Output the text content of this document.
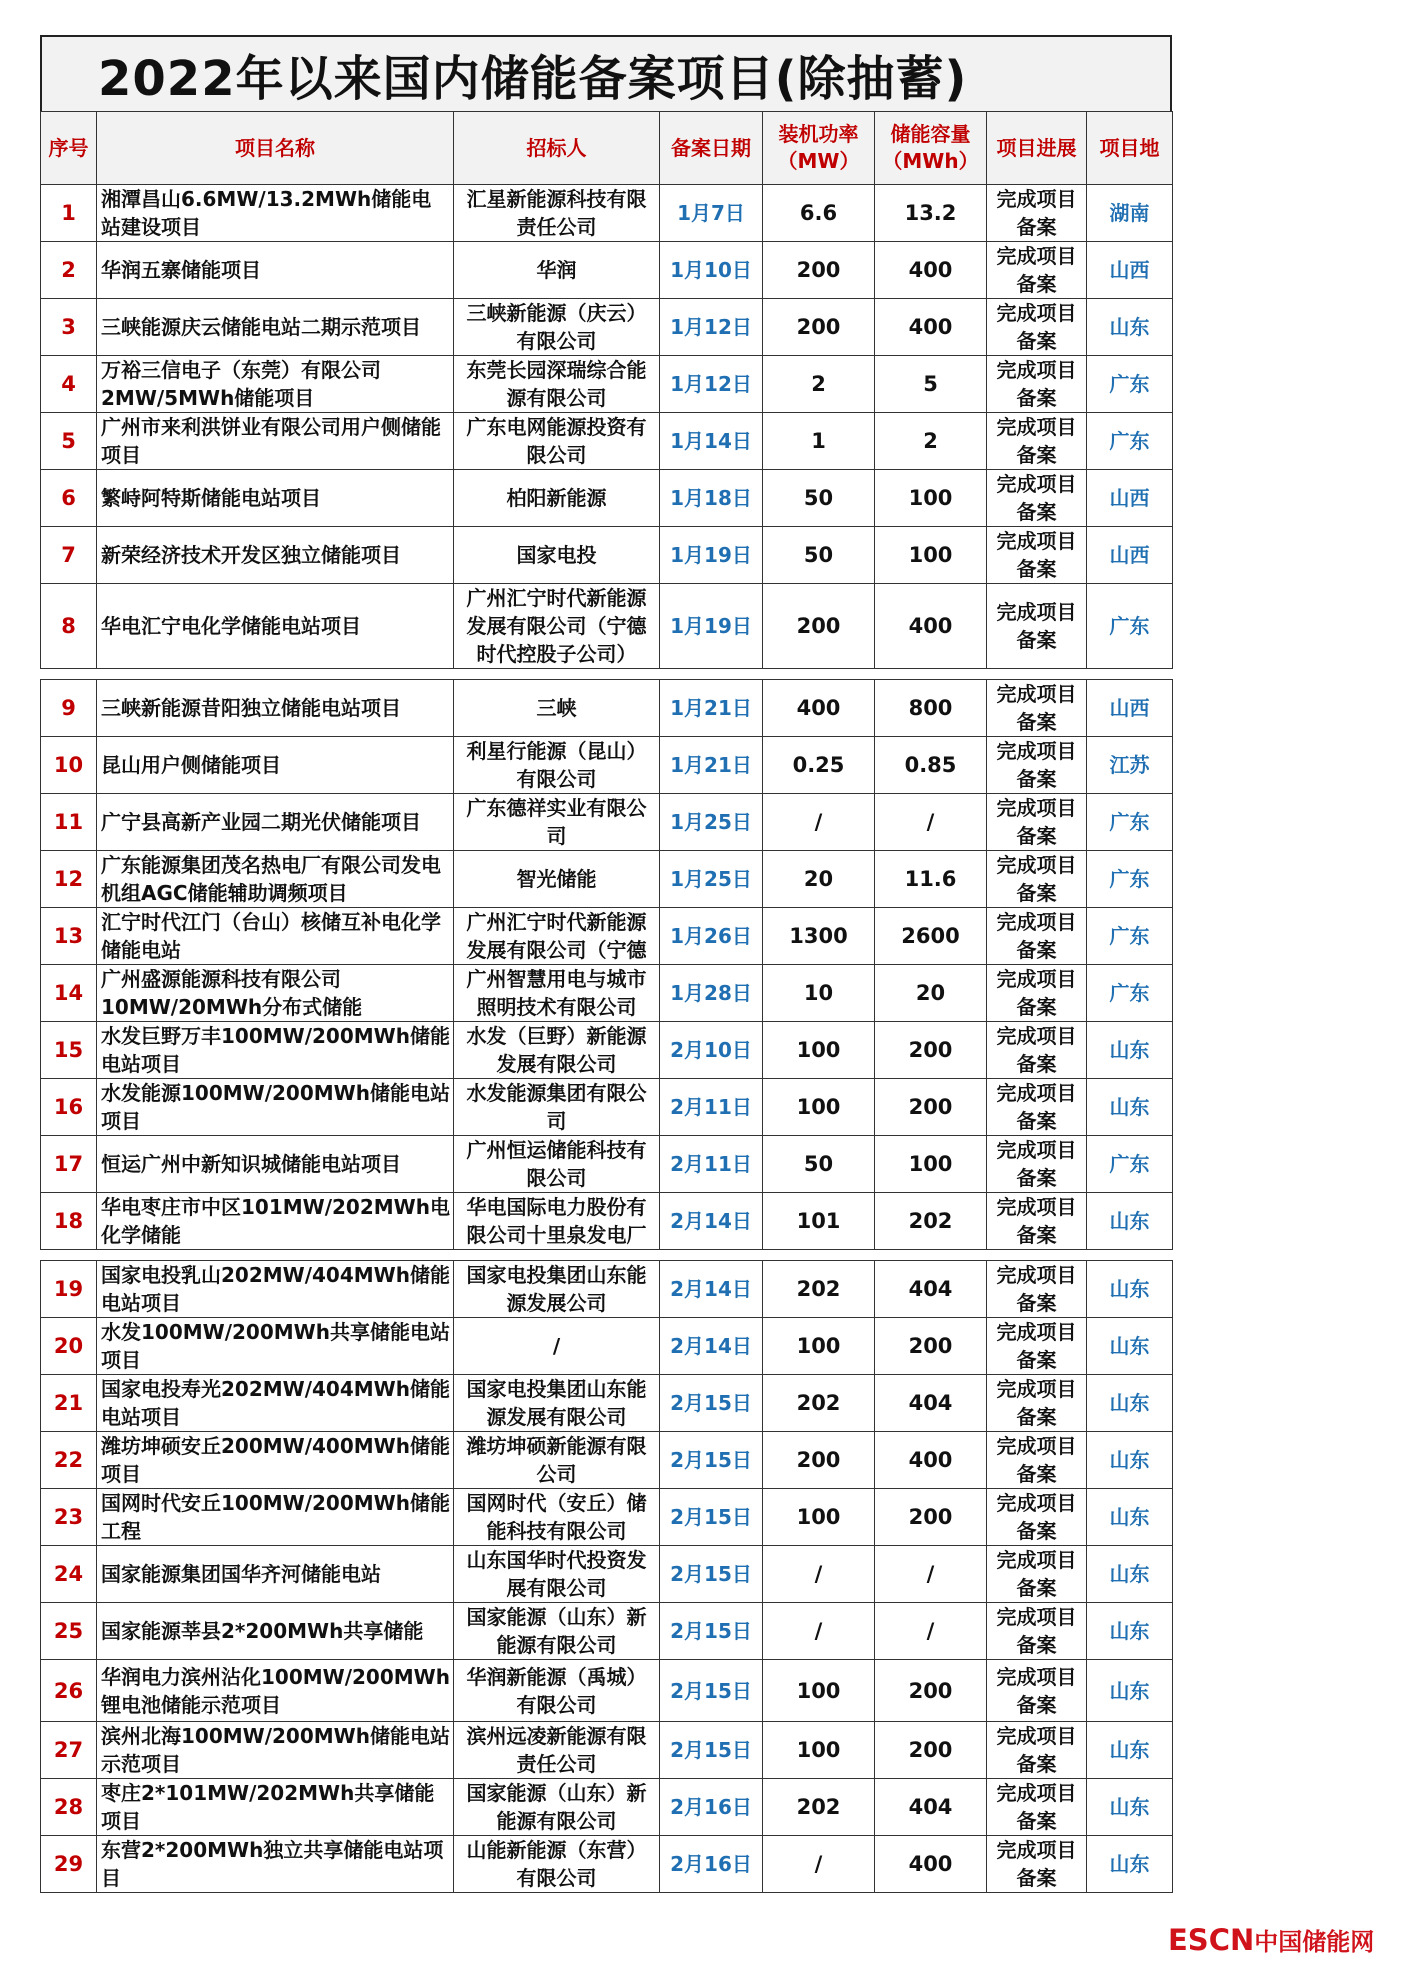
2022年以来国内储能备案项目(除抽蓄)
序号	项目名称	招标人	备案日期	装机功率（MW）	储能容量（MWh）	项目进展	项目地
1	湘潭昌山6.6MW/13.2MWh储能电站建设项目	汇星新能源科技有限责任公司	1月7日	6.6	13.2	完成项目备案	湖南
2	华润五寨储能项目	华润	1月10日	200	400	完成项目备案	山西
3	三峡能源庆云储能电站二期示范项目	三峡新能源（庆云）有限公司	1月12日	200	400	完成项目备案	山东
4	万裕三信电子（东莞）有限公司2MW/5MWh储能项目	东莞长园深瑞综合能源有限公司	1月12日	2	5	完成项目备案	广东
5	广州市来利洪饼业有限公司用户侧储能项目	广东电网能源投资有限公司	1月14日	1	2	完成项目备案	广东
6	繁峙阿特斯储能电站项目	柏阳新能源	1月18日	50	100	完成项目备案	山西
7	新荣经济技术开发区独立储能项目	国家电投	1月19日	50	100	完成项目备案	山西
8	华电汇宁电化学储能电站项目	广州汇宁时代新能源发展有限公司（宁德时代控股子公司）	1月19日	200	400	完成项目备案	广东

9	三峡新能源昔阳独立储能电站项目	三峡	1月21日	400	800	完成项目备案	山西
10	昆山用户侧储能项目	利星行能源（昆山）有限公司	1月21日	0.25	0.85	完成项目备案	江苏
11	广宁县高新产业园二期光伏储能项目	广东德祥实业有限公司	1月25日	/	/	完成项目备案	广东
12	广东能源集团茂名热电厂有限公司发电机组AGC储能辅助调频项目	智光储能	1月25日	20	11.6	完成项目备案	广东
13	汇宁时代江门（台山）核储互补电化学储能电站	广州汇宁时代新能源发展有限公司（宁德	1月26日	1300	2600	完成项目备案	广东
14	广州盛源能源科技有限公司10MW/20MWh分布式储能	广州智慧用电与城市照明技术有限公司	1月28日	10	20	完成项目备案	广东
15	水发巨野万丰100MW/200MWh储能电站项目	水发（巨野）新能源发展有限公司	2月10日	100	200	完成项目备案	山东
16	水发能源100MW/200MWh储能电站项目	水发能源集团有限公司	2月11日	100	200	完成项目备案	山东
17	恒运广州中新知识城储能电站项目	广州恒运储能科技有限公司	2月11日	50	100	完成项目备案	广东
18	华电枣庄市中区101MW/202MWh电化学储能	华电国际电力股份有限公司十里泉发电厂	2月14日	101	202	完成项目备案	山东

19	国家电投乳山202MW/404MWh储能电站项目	国家电投集团山东能源发展公司	2月14日	202	404	完成项目备案	山东
20	水发100MW/200MWh共享储能电站项目	/	2月14日	100	200	完成项目备案	山东
21	国家电投寿光202MW/404MWh储能电站项目	国家电投集团山东能源发展有限公司	2月15日	202	404	完成项目备案	山东
22	潍坊坤硕安丘200MW/400MWh储能项目	潍坊坤硕新能源有限公司	2月15日	200	400	完成项目备案	山东
23	国网时代安丘100MW/200MWh储能工程	国网时代（安丘）储能科技有限公司	2月15日	100	200	完成项目备案	山东
24	国家能源集团国华齐河储能电站	山东国华时代投资发展有限公司	2月15日	/	/	完成项目备案	山东
25	国家能源莘县2*200MWh共享储能	国家能源（山东）新能源有限公司	2月15日	/	/	完成项目备案	山东
26	华润电力滨州沾化100MW/200MWh锂电池储能示范项目	华润新能源（禹城）有限公司	2月15日	100	200	完成项目备案	山东
27	滨州北海100MW/200MWh储能电站示范项目	滨州远凌新能源有限责任公司	2月15日	100	200	完成项目备案	山东
28	枣庄2*101MW/202MWh共享储能项目	国家能源（山东）新能源有限公司	2月16日	202	404	完成项目备案	山东
29	东营2*200MWh独立共享储能电站项目	山能新能源（东营）有限公司	2月16日	/	400	完成项目备案	山东
ESCN中国储能网
